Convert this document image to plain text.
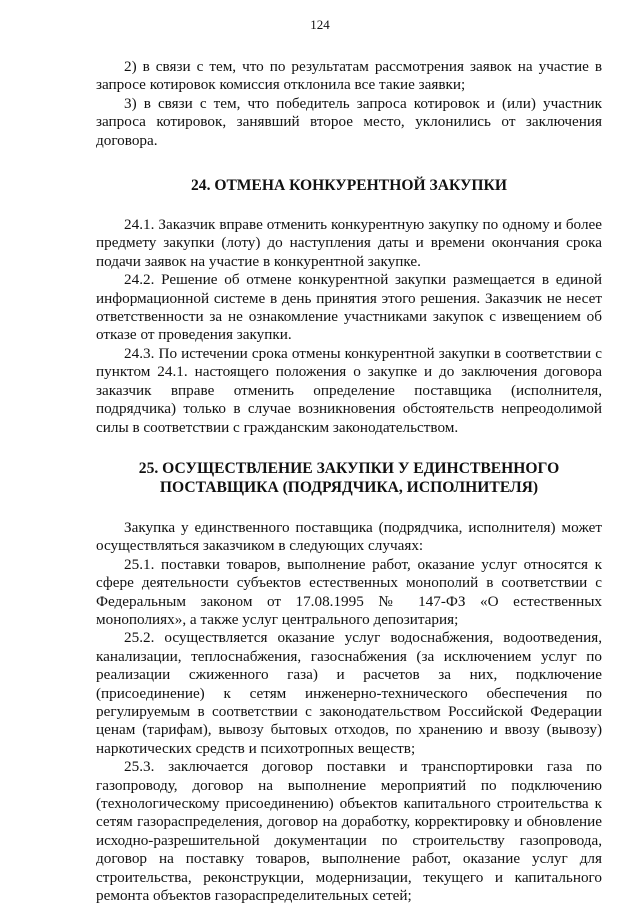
124

2) в связи с тем, что по результатам рассмотрения заявок на участие в запросе котировок комиссия отклонила все такие заявки;

3) в связи с тем, что победитель запроса котировок и (или) участник запроса котировок, занявший второе место, уклонились от заключения договора.

24. ОТМЕНА КОНКУРЕНТНОЙ ЗАКУПКИ

24.1. Заказчик вправе отменить конкурентную закупку по одному и более предмету закупки (лоту) до наступления даты и времени окончания срока подачи заявок на участие в конкурентной закупке.

24.2. Решение об отмене конкурентной закупки размещается в единой информационной системе в день принятия этого решения. Заказчик не несет ответственности за не ознакомление участниками закупок с извещением об отказе от проведения закупки.

24.3. По истечении срока отмены конкурентной закупки в соответствии с пунктом 24.1. настоящего положения о закупке и до заключения договора заказчик вправе отменить определение поставщика (исполнителя, подрядчика) только в случае возникновения обстоятельств непреодолимой силы в соответствии с гражданским законодательством.

25. ОСУЩЕСТВЛЕНИЕ ЗАКУПКИ У ЕДИНСТВЕННОГО
ПОСТАВЩИКА (ПОДРЯДЧИКА, ИСПОЛНИТЕЛЯ)

Закупка у единственного поставщика (подрядчика, исполнителя) может осуществляться заказчиком в следующих случаях:

25.1. поставки товаров, выполнение работ, оказание услуг относятся к сфере деятельности субъектов естественных монополий в соответствии с Федеральным законом от 17.08.1995 № 147-ФЗ «О естественных монополиях», а также услуг центрального депозитария;

25.2. осуществляется оказание услуг водоснабжения, водоотведения, канализации, теплоснабжения, газоснабжения (за исключением услуг по реализации сжиженного газа) и расчетов за них, подключение (присоединение) к сетям инженерно-технического обеспечения по регулируемым в соответствии с законодательством Российской Федерации ценам (тарифам), вывозу бытовых отходов, по хранению и ввозу (вывозу) наркотических средств и психотропных веществ;

25.3. заключается договор поставки и транспортировки газа по газопроводу, договор на выполнение мероприятий по подключению (технологическому присоединению) объектов капитального строительства к сетям газораспределения, договор на доработку, корректировку и обновление исходно-разрешительной документации по строительству газопровода, договор на поставку товаров, выполнение работ, оказание услуг для строительства, реконструкции, модернизации, текущего и капитального ремонта объектов газораспределительных сетей;
